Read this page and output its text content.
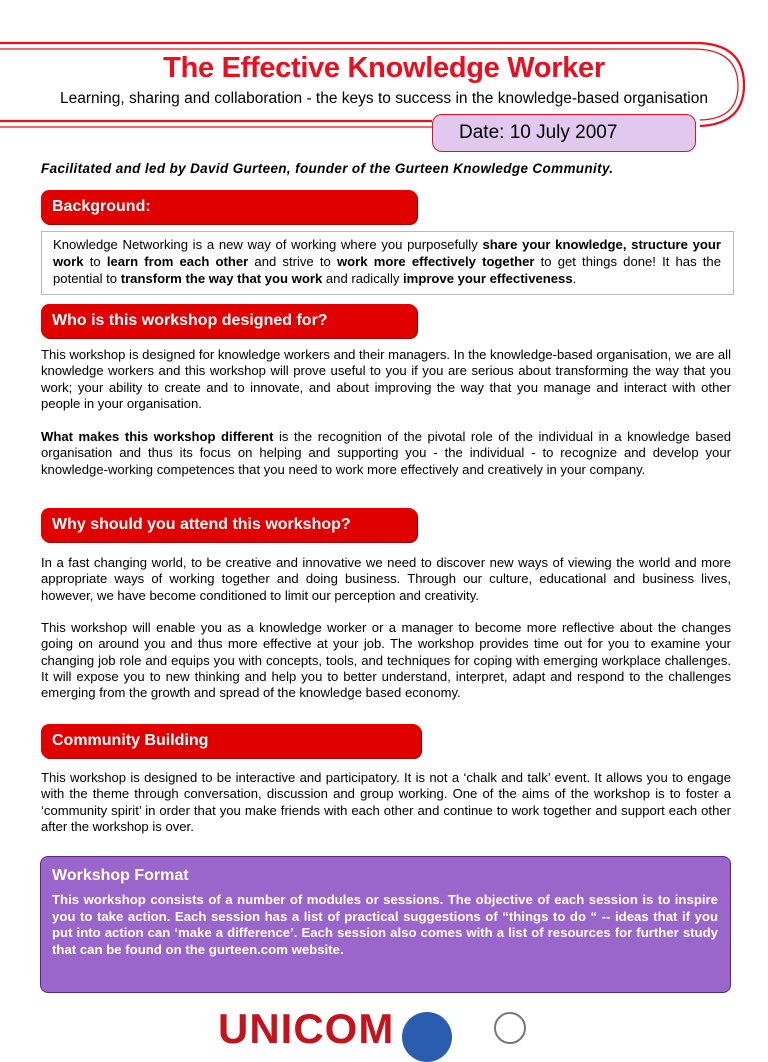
The Effective Knowledge Worker
Learning, sharing and collaboration - the keys to success in the knowledge-based organisation
Date: 10 July 2007
Facilitated and led by David Gurteen, founder of the Gurteen Knowledge Community.
Background:
Knowledge Networking is a new way of working where you purposefully share your knowledge, structure your work to learn from each other and strive to work more effectively together to get things done! It has the potential to transform the way that you work and radically improve your effectiveness.
Who is this workshop designed for?

This workshop is designed for knowledge workers and their managers. In the knowledge-based organisation, we are all knowledge workers and this workshop will prove useful to you if you are serious about transforming the way that you work; your ability to create and to innovate, and about improving the way that you manage and interact with other people in your organisation.

What makes this workshop different is the recognition of the pivotal role of the individual in a knowledge based organisation and thus its focus on helping and supporting you - the individual - to recognize and develop your knowledge-working competences that you need to work more effectively and creatively in your company.

Why should you attend this workshop?

In a fast changing world, to be creative and innovative we need to discover new ways of viewing the world and more appropriate ways of working together and doing business. Through our culture, educational and business lives, however, we have become conditioned to limit our perception and creativity.

This workshop will enable you as a knowledge worker or a manager to become more reflective about the changes going on around you and thus more effective at your job. The workshop provides time out for you to examine your changing job role and equips you with concepts, tools, and techniques for coping with emerging workplace challenges. It will expose you to new thinking and help you to better understand, interpret, adapt and respond to the challenges emerging from the growth and spread of the knowledge based economy.

Community Building

This workshop is designed to be interactive and participatory. It is not a ‘chalk and talk’ event. It allows you to engage with the theme through conversation, discussion and group working. One of the aims of the workshop is to foster a ‘community spirit’ in order that you make friends with each other and continue to work together and support each other after the workshop is over.

Workshop Format
This workshop consists of a number of modules or sessions. The objective of each session is to inspire you to take action. Each session has a list of practical suggestions of “things to do “ -- ideas that if you put into action can ‘make a difference’. Each session also comes with a list of resources for further study that can be found on the gurteen.com website.
UNICOM
